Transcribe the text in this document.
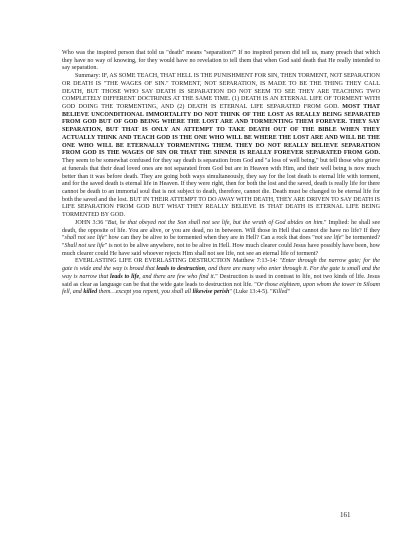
Who was the inspired person that told us "death" means "separation?" If no inspired person did tell us, many preach that which they have no way of knowing, for they would have no revelation to tell them that when God said death that He really intended to say separation.

Summary: IF, AS SOME TEACH, THAT HELL IS THE PUNISHMENT FOR SIN, THEN TORMENT, NOT SEPARATION OR DEATH IS "THE WAGES OF SIN." TORMENT, NOT SEPARATION, IS MADE TO BE THE THING THEY CALL DEATH, BUT THOSE WHO SAY DEATH IS SEPARATION DO NOT SEEM TO SEE THEY ARE TEACHING TWO COMPLETELY DIFFERENT DOCTRINES AT THE SAME TIME. (1) DEATH IS AN ETERNAL LIFE OF TORMENT WITH GOD DOING THE TORMENTING, AND (2) DEATH IS ETERNAL LIFE SEPARATED FROM GOD. MOST THAT BELIEVE UNCONDITIONAL IMMORTALITY DO NOT THINK OF THE LOST AS REALLY BEING SEPARATED FROM GOD BUT OF GOD BEING WHERE THE LOST ARE AND TORMENTING THEM FOREVER. THEY SAY SEPARATION, BUT THAT IS ONLY AN ATTEMPT TO TAKE DEATH OUT OF THE BIBLE WHEN THEY ACTUALLY THINK AND TEACH GOD IS THE ONE WHO WILL BE WHERE THE LOST ARE AND WILL BE THE ONE WHO WILL BE ETERNALLY TORMENTING THEM. THEY DO NOT REALLY BELIEVE SEPARATION FROM GOD IS THE WAGES OF SIN OR THAT THE SINNER IS REALLY FOREVER SEPARATED FROM GOD. They seem to be somewhat confused for they say death is separation from God and "a loss of well being," but tell those who grieve at funerals that their dead loved ones are not separated from God but are in Heaven with Him, and their well being is now much better than it was before death. They are going both ways simultaneously, they say for the lost death is eternal life with torment, and for the saved death is eternal life in Heaven. If they were right, then for both the lost and the saved, death is really life for there cannot be death to an immortal soul that is not subject to death, therefore, cannot die. Death must be changed to be eternal life for both the saved and the lost. BUT IN THEIR ATTEMPT TO DO AWAY WITH DEATH, THEY ARE DRIVEN TO SAY DEATH IS LIFE SEPARATION FROM GOD BUT WHAT THEY REALLY BELIEVE IS THAT DEATH IS ETERNAL LIFE BEING TORMENTED BY GOD.

JOHN 3:36 "But, he that obeyed not the Son shall not see life, but the wrath of God abides on him." Implied: he shall see death, the opposite of life. You are alive, or you are dead, no in between. Will those in Hell that cannot die have no life? If they "shall not see life" how can they be alive to be tormented when they are in Hell? Can a rock that does "not see life" be tormented? "Shall not see life" is not to be alive anywhere, not to be alive in Hell. How much clearer could Jesus have possibly have been, how much clearer could He have said whoever rejects Him shall not see life, not see an eternal life of torment?

EVERLASTING LIFE OR EVERLASTING DESTRUCTION Matthew 7:13-14: "Enter through the narrow gate; for the gate is wide and the way is broad that leads to destruction, and there are many who enter through it. For the gate is small and the way is narrow that leads to life, and there are few who find it." Destruction is used in contrast to life, not two kinds of life. Jesus said as clear as language can be that the wide gate leads to destruction not life. "Or those eighteen, upon whom the tower in Siloam fell, and killed them…except you repent, you shall all likewise perish" (Luke 13:4-5). "Killed"

161
